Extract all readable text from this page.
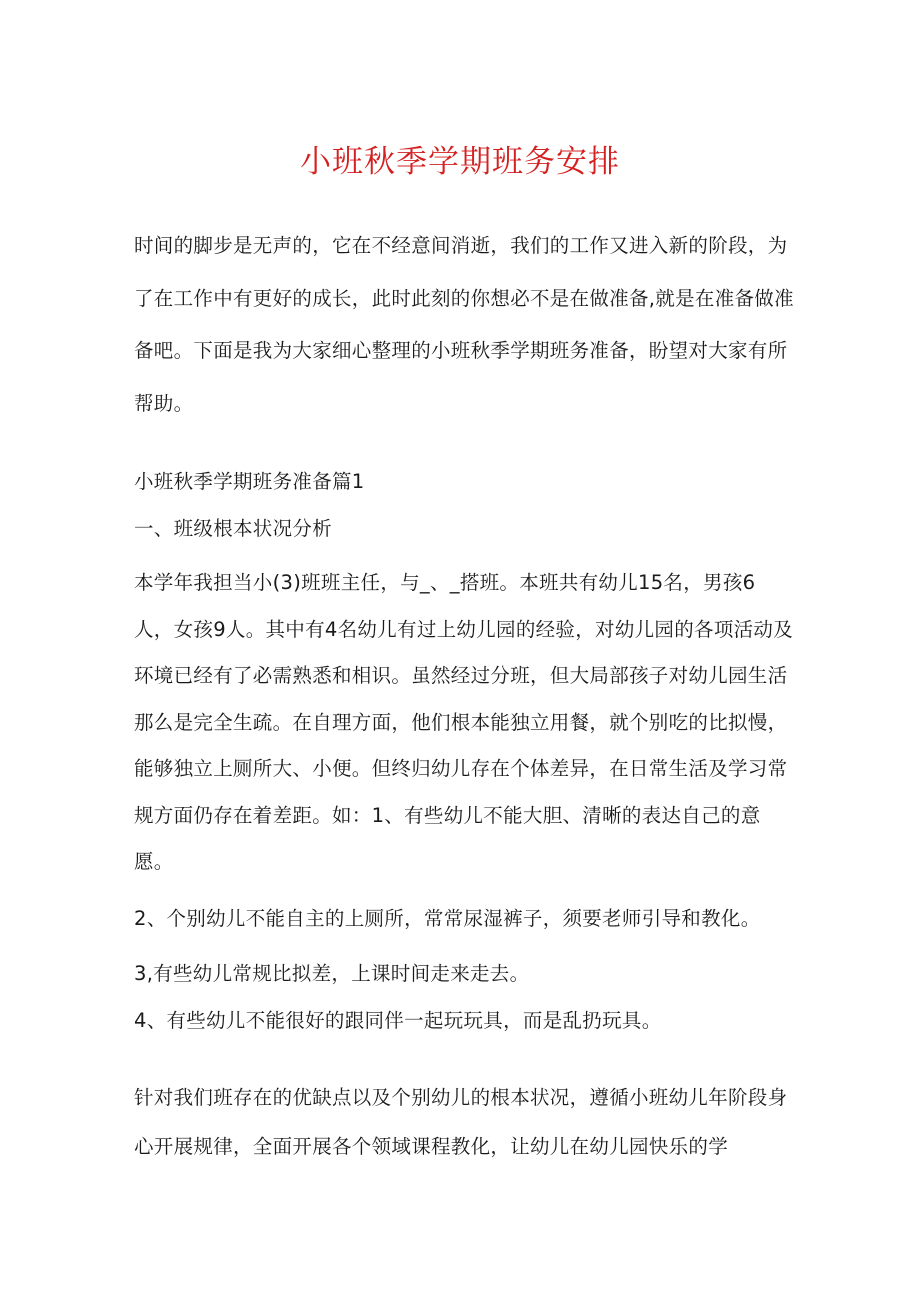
小班秋季学期班务安排
时间的脚步是无声的，它在不经意间消逝，我们的工作又进入新的阶段，为了在工作中有更好的成长，此时此刻的你想必不是在做准备,就是在准备做准备吧。下面是我为大家细心整理的小班秋季学期班务准备，盼望对大家有所帮助。
小班秋季学期班务准备篇1
一、班级根本状况分析
本学年我担当小(3)班班主任，与_、_搭班。本班共有幼儿15名，男孩6人，女孩9人。其中有4名幼儿有过上幼儿园的经验，对幼儿园的各项活动及环境已经有了必需熟悉和相识。虽然经过分班，但大局部孩子对幼儿园生活那么是完全生疏。在自理方面，他们根本能独立用餐，就个别吃的比拟慢，能够独立上厕所大、小便。但终归幼儿存在个体差异，在日常生活及学习常规方面仍存在着差距。如：1、有些幼儿不能大胆、清晰的表达自己的意愿。
2、个别幼儿不能自主的上厕所，常常尿湿裤子，须要老师引导和教化。
3,有些幼儿常规比拟差，上课时间走来走去。
4、有些幼儿不能很好的跟同伴一起玩玩具，而是乱扔玩具。
针对我们班存在的优缺点以及个别幼儿的根本状况，遵循小班幼儿年阶段身心开展规律，全面开展各个领域课程教化，让幼儿在幼儿园快乐的学
